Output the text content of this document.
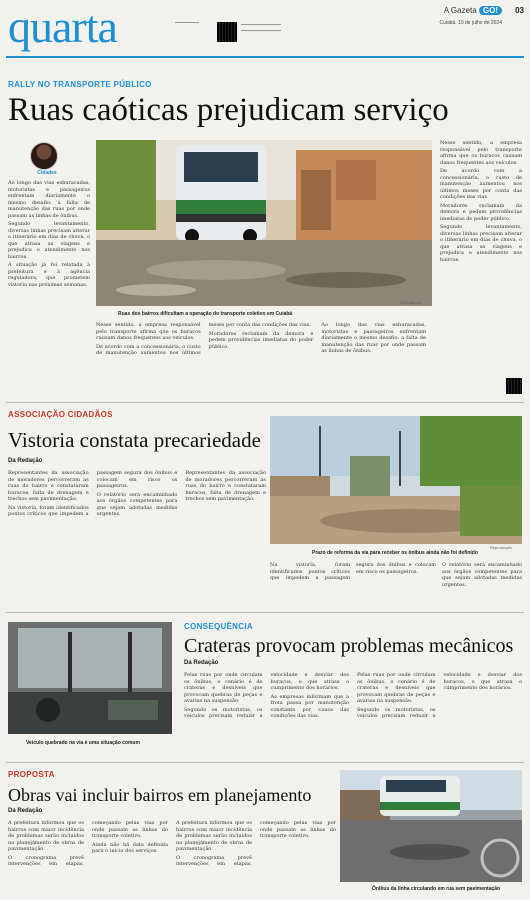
quarta	A Gazeta GO!	03
Cuiabá, 10 de julho de 2024
RALLY NO TRANSPORTE PÚBLICO
Ruas caóticas prejudicam serviço
Cidades

Ao longo das vias esburacadas, motoristas e passageiros enfrentam diariamente o mesmo desafio: a falta de manutenção das ruas por onde passam as linhas de ônibus.

Segundo levantamento, diversas linhas precisam alterar o itinerário em dias de chuva, o que atrasa as viagens e prejudica o atendimento nos bairros.

A situação já foi relatada à prefeitura e à agência reguladora, que prometem vistoria nas próximas semanas.

Reprodução
Ruas dos bairros dificultam a operação do transporte coletivo em Cuiabá

Nesse sentido, a empresa responsável pelo transporte afirma que os buracos causam danos frequentes aos veículos.

De acordo com a concessionária, o custo de manutenção aumentou nos últimos meses por conta das condições das vias.

Moradores reclamam da demora e pedem providências imediatas do poder público.

Ao longo das vias esburacadas, motoristas e passageiros enfrentam diariamente o mesmo desafio: a falta de manutenção das ruas por onde passam as linhas de ônibus.

Nesse sentido, a empresa responsável pelo transporte afirma que os buracos causam danos frequentes aos veículos.

De acordo com a concessionária, o custo de manutenção aumentou nos últimos meses por conta das condições das vias.

Moradores reclamam da demora e pedem providências imediatas do poder público.

Segundo levantamento, diversas linhas precisam alterar o itinerário em dias de chuva, o que atrasa as viagens e prejudica o atendimento nos bairros.

ASSOCIAÇÃO CIDADÃOS
Vistoria constata precariedade
Da Redação

Representantes da associação de moradores percorreram as ruas do bairro e constataram buracos, falta de drenagem e trechos sem pavimentação.

Na vistoria, foram identificados pontos críticos que impedem a passagem segura dos ônibus e colocam em risco os passageiros.

O relatório será encaminhado aos órgãos competentes para que sejam adotadas medidas urgentes.

Representantes da associação de moradores percorreram as ruas do bairro e constataram buracos, falta de drenagem e trechos sem pavimentação.

Reprodução
Prazo de reforma da via para receber os ônibus ainda não foi definido

Na vistoria, foram identificados pontos críticos que impedem a passagem segura dos ônibus e colocam em risco os passageiros.

O relatório será encaminhado aos órgãos competentes para que sejam adotadas medidas urgentes.

Veículo quebrado na via é uma situação comum
CONSEQUÊNCIA
Crateras provocam problemas mecânicos
Da Redação

Pelas ruas por onde circulam os ônibus, o cenário é de crateras e desníveis que provocam quebras de peças e avarias na suspensão.

Segundo os motoristas, os veículos precisam reduzir a velocidade e desviar dos buracos, o que atrasa o cumprimento dos horários.

As empresas informam que a frota passa por manutenção constante por causa das condições das vias.

Pelas ruas por onde circulam os ônibus, o cenário é de crateras e desníveis que provocam quebras de peças e avarias na suspensão.

Segundo os motoristas, os veículos precisam reduzir a velocidade e desviar dos buracos, o que atrasa o cumprimento dos horários.

PROPOSTA
Obras vai incluir bairros em planejamento
Da Redação

A prefeitura informou que os bairros com maior incidência de problemas serão incluídos no planejamento de obras de pavimentação.

O cronograma prevê intervenções em etapas, começando pelas vias por onde passam as linhas do transporte coletivo.

Ainda não há data definida para o início dos serviços.

A prefeitura informou que os bairros com maior incidência de problemas serão incluídos no planejamento de obras de pavimentação.

O cronograma prevê intervenções em etapas, começando pelas vias por onde passam as linhas do transporte coletivo.

Ônibus da linha circulando em rua sem pavimentação
